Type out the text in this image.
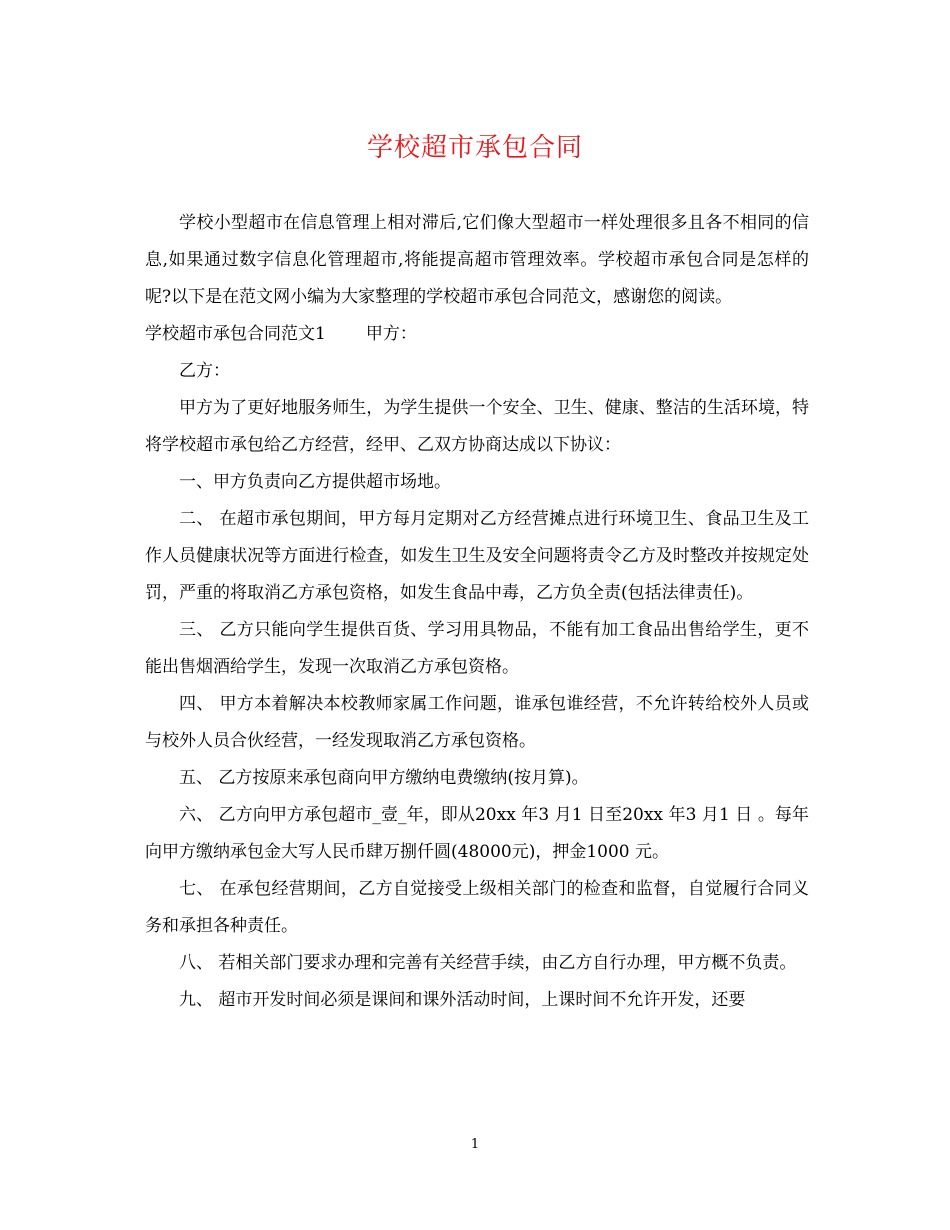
学校超市承包合同

学校小型超市在信息管理上相对滞后,它们像大型超市一样处理很多且各不相同的信息,如果通过数字信息化管理超市,将能提高超市管理效率。学校超市承包合同是怎样的呢?以下是在范文网小编为大家整理的学校超市承包合同范文，感谢您的阅读。

学校超市承包合同范文1 甲方：

乙方：

甲方为了更好地服务师生，为学生提供一个安全、卫生、健康、整洁的生活环境，特将学校超市承包给乙方经营，经甲、乙双方协商达成以下协议：

一、甲方负责向乙方提供超市场地。

二、 在超市承包期间，甲方每月定期对乙方经营摊点进行环境卫生、食品卫生及工作人员健康状况等方面进行检查，如发生卫生及安全问题将责令乙方及时整改并按规定处罚，严重的将取消乙方承包资格，如发生食品中毒，乙方负全责(包括法律责任)。

三、 乙方只能向学生提供百货、学习用具物品，不能有加工食品出售给学生，更不能出售烟酒给学生，发现一次取消乙方承包资格。

四、 甲方本着解决本校教师家属工作问题，谁承包谁经营，不允许转给校外人员或与校外人员合伙经营，一经发现取消乙方承包资格。

五、 乙方按原来承包商向甲方缴纳电费缴纳(按月算)。

六、 乙方向甲方承包超市_壹_年，即从20xx 年3 月1 日至20xx 年3 月1 日 。每年向甲方缴纳承包金大写人民币肆万捌仟圆(48000元)，押金1000 元。

七、 在承包经营期间，乙方自觉接受上级相关部门的检查和监督，自觉履行合同义务和承担各种责任。

八、 若相关部门要求办理和完善有关经营手续，由乙方自行办理，甲方概不负责。

九、 超市开发时间必须是课间和课外活动时间，上课时间不允许开发，还要

1
